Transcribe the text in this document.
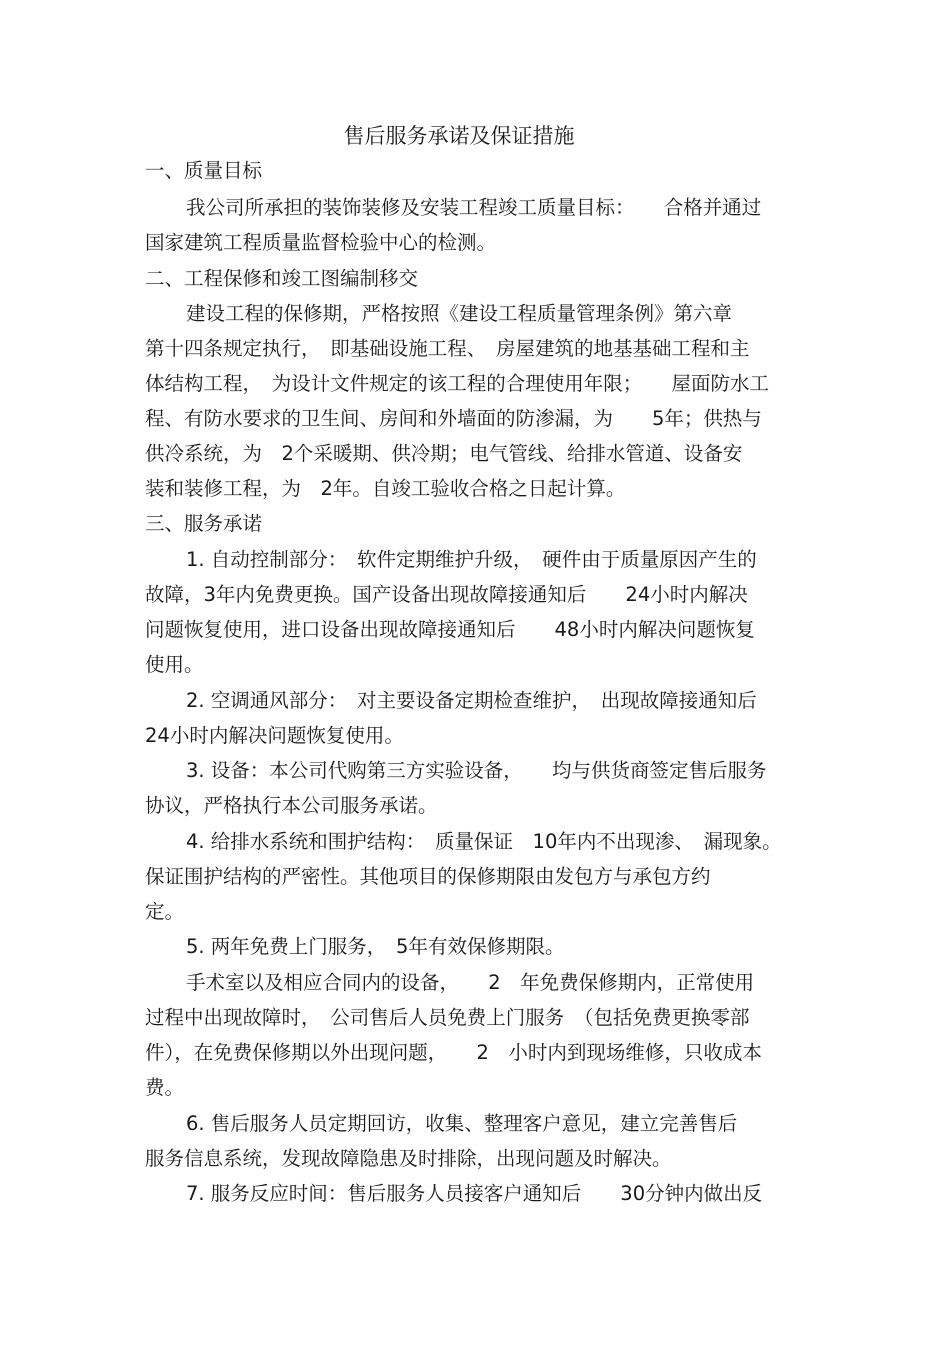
售后服务承诺及保证措施
一、质量目标
我公司所承担的装饰装修及安装工程竣工质量目标：　　合格并通过
国家建筑工程质量监督检验中心的检测。
二、工程保修和竣工图编制移交
建设工程的保修期，严格按照《建设工程质量管理条例》第六章
第十四条规定执行，　即基础设施工程、　房屋建筑的地基基础工程和主
体结构工程，　为设计文件规定的该工程的合理使用年限；　　屋面防水工
程、有防水要求的卫生间、房间和外墙面的防渗漏，为　　5年；供热与
供冷系统，为　2个采暖期、供冷期；电气管线、给排水管道、设备安
装和装修工程，为　2年。自竣工验收合格之日起计算。
三、服务承诺
1. 自动控制部分：　软件定期维护升级，　硬件由于质量原因产生的
故障，3年内免费更换。国产设备出现故障接通知后　　24小时内解决
问题恢复使用，进口设备出现故障接通知后　　48小时内解决问题恢复
使用。
2. 空调通风部分：　对主要设备定期检查维护，　出现故障接通知后
24小时内解决问题恢复使用。
3. 设备：本公司代购第三方实验设备，　　均与供货商签定售后服务
协议，严格执行本公司服务承诺。
4. 给排水系统和围护结构：　质量保证　10年内不出现渗、　漏现象。
保证围护结构的严密性。其他项目的保修期限由发包方与承包方约
定。
5. 两年免费上门服务，　5年有效保修期限。
手术室以及相应合同内的设备，　　2　年免费保修期内，正常使用
过程中出现故障时，　公司售后人员免费上门服务　（包括免费更换零部
件），在免费保修期以外出现问题，　　2　小时内到现场维修，只收成本
费。
6. 售后服务人员定期回访，收集、整理客户意见，建立完善售后
服务信息系统，发现故障隐患及时排除，出现问题及时解决。
7. 服务反应时间：售后服务人员接客户通知后　　30分钟内做出反
